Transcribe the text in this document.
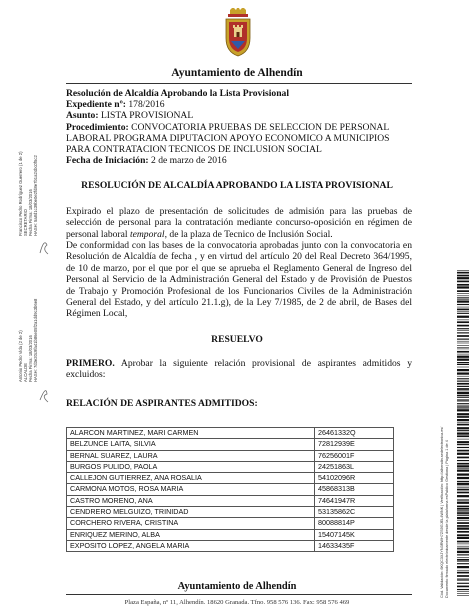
Ayuntamiento de Alhendín
Resolución de Alcaldía Aprobando la Lista Provisional
Expediente nº: 178/2016
Asunto: LISTA PROVISIONAL
Procedimiento: CONVOCATORIA PRUEBAS DE SELECCION DE PERSONAL LABORAL PROGRAMA DIPUTACION APOYO ECONOMICO A MUNICIPIOS PARA CONTRATACION TECNICOS DE INCLUSION SOCIAL
Fecha de Iniciación: 2 de marzo de 2016
RESOLUCIÓN DE ALCALDÍA APROBANDO LA LISTA PROVISIONAL
Expirado el plazo de presentación de solicitudes de admisión para las pruebas de selección de personal para la contratación mediante concurso-oposición en régimen de personal laboral temporal, de la plaza de Tecnico de Inclusión Social.
De conformidad con las bases de la convocatoria aprobadas junto con la convocatoria en Resolución de Alcaldía de fecha , y en virtud del artículo 20 del Real Decreto 364/1995, de 10 de marzo, por el que por el que se aprueba el Reglamento General de Ingreso del Personal al Servicio de la Administración General del Estado y de Provisión de Puestos de Trabajo y Promoción Profesional de los Funcionarios Civiles de la Administración General del Estado, y del artículo 21.1.g), de la Ley 7/1985, de 2 de abril, de Bases del Régimen Local,
RESUELVO
PRIMERO. Aprobar la siguiente relación provisional de aspirantes admitidos y excluidos:
RELACIÓN DE ASPIRANTES ADMITIDOS:
ALARCON MARTINEZ, MARI CARMEN	26461332Q
BELZUNCE LAITA, SILVIA	72812939E
BERNAL SUAREZ, LAURA	76256001F
BURGOS PULIDO, PAOLA	24251863L
CALLEJON GUTIERREZ, ANA ROSALIA	54102096R
CARMONA MOTOS, ROSA MARIA	45868313B
CASTRO MORENO, ANA	74641947R
CENDRERO MELGUIZO, TRINIDAD	53135862C
CORCHERO RIVERA, CRISTINA	80088814P
ENRIQUEZ MERINO, ALBA	15407145K
EXPOSITO LOPEZ, ANGELA MARIA	14633435F
Ayuntamiento de Alhendín
Plaza España, nº 11, Alhendín. 18620 Granada. Tfno. 958 576 136. Fax: 958 576 469
Francisco Pedro Rodríguez Guerrero (1 de 2) SECRETARIO Fecha Firma: 18/03/2016 HASH: 5a8d1c39be0e2fd8e7b1a24bc0f5c2
Antonio Pedro Vida (2 de 2) ALCALDE Fecha Firma: 18/03/2016 HASH: 7d3e20c9fa41b86e05f2a1dd9c3b6e8
Cód. Validación: 6KQC3XJYN3RWH7ZS9GJEL4WNK | Verificación: http://alhendin.sedelectronica.es/ Documento firmado electrónicamente desde la plataforma esPublico Gestiona | Página 1 de 4
